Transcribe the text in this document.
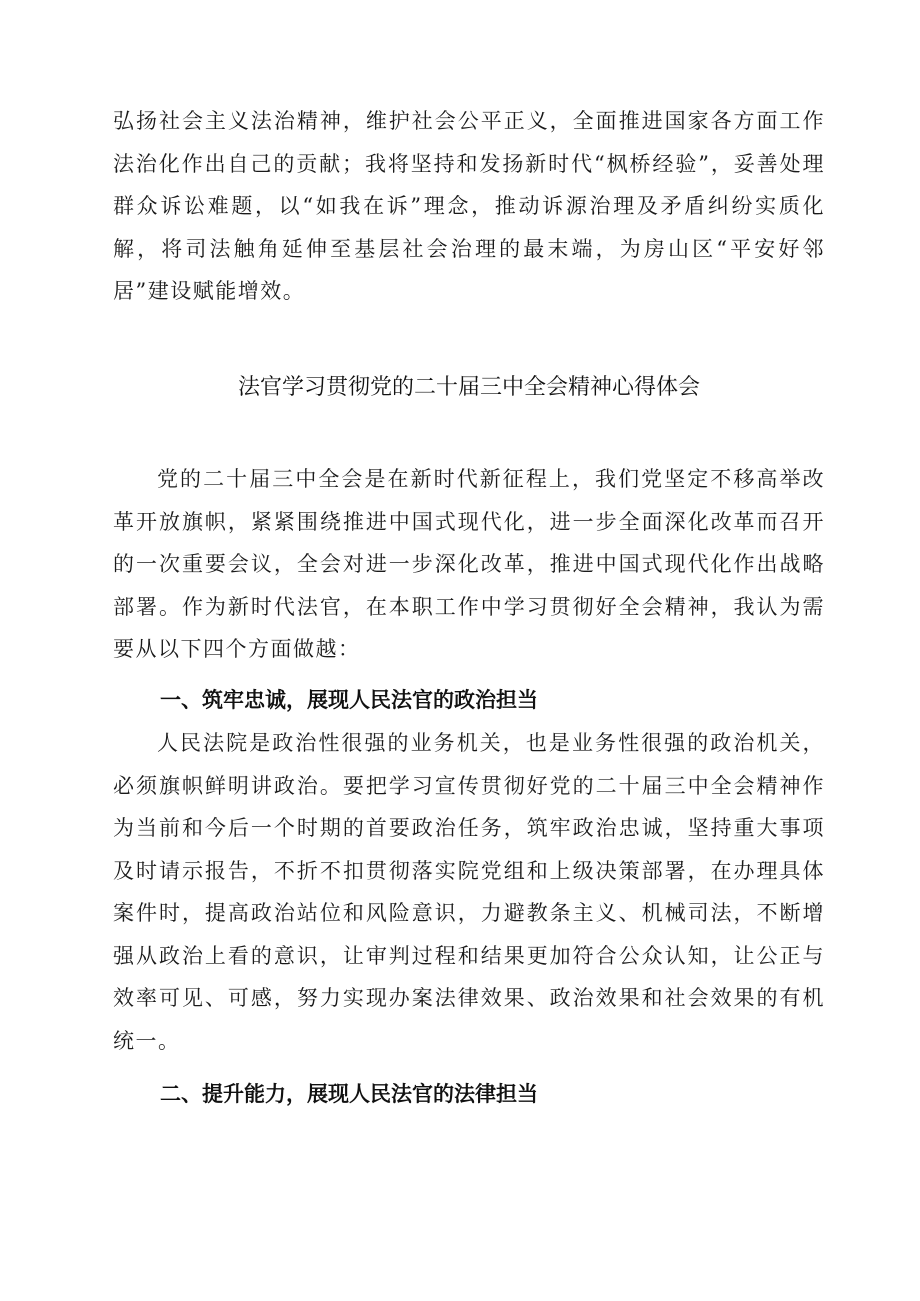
弘扬社会主义法治精神，维护社会公平正义，全面推进国家各方面工作法治化作出自己的贡献；我将坚持和发扬新时代“枫桥经验”，妥善处理群众诉讼难题，以“如我在诉”理念，推动诉源治理及矛盾纠纷实质化解，将司法触角延伸至基层社会治理的最末端，为房山区“平安好邻居”建设赋能增效。

法官学习贯彻党的二十届三中全会精神心得体会

党的二十届三中全会是在新时代新征程上，我们党坚定不移高举改革开放旗帜，紧紧围绕推进中国式现代化，进一步全面深化改革而召开的一次重要会议，全会对进一步深化改革，推进中国式现代化作出战略部署。作为新时代法官，在本职工作中学习贯彻好全会精神，我认为需要从以下四个方面做越：

一、筑牢忠诚，展现人民法官的政治担当

人民法院是政治性很强的业务机关，也是业务性很强的政治机关，必须旗帜鲜明讲政治。要把学习宣传贯彻好党的二十届三中全会精神作为当前和今后一个时期的首要政治任务，筑牢政治忠诚，坚持重大事项及时请示报告，不折不扣贯彻落实院党组和上级决策部署，在办理具体案件时，提高政治站位和风险意识，力避教条主义、机械司法，不断增强从政治上看的意识，让审判过程和结果更加符合公众认知，让公正与效率可见、可感，努力实现办案法律效果、政治效果和社会效果的有机统一。

二、提升能力，展现人民法官的法律担当
